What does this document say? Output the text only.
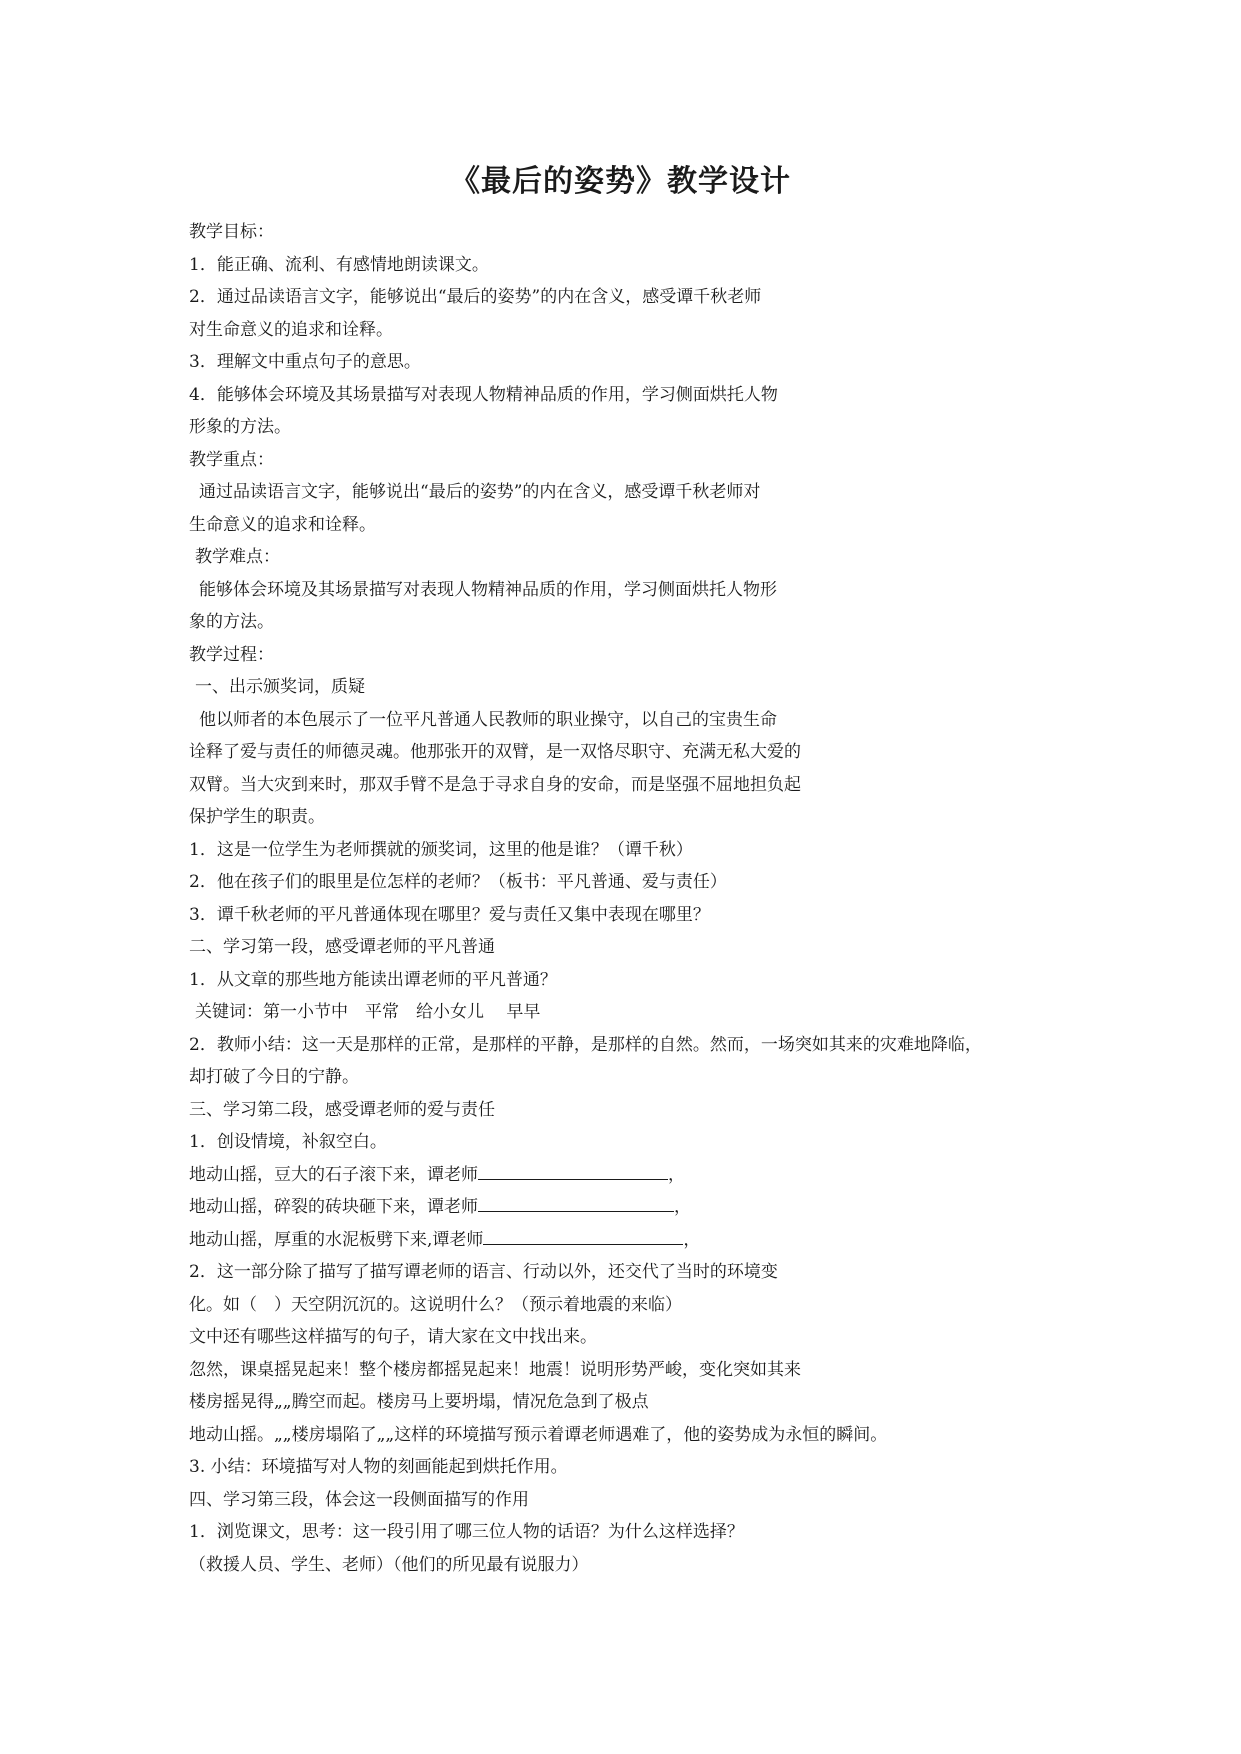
《最后的姿势》教学设计

教学目标：

1．能正确、流利、有感情地朗读课文。

2．通过品读语言文字，能够说出“最后的姿势”的内在含义，感受谭千秋老师

对生命意义的追求和诠释。

3．理解文中重点句子的意思。

4．能够体会环境及其场景描写对表现人物精神品质的作用，学习侧面烘托人物

形象的方法。

教学重点：

通过品读语言文字，能够说出“最后的姿势”的内在含义，感受谭千秋老师对

生命意义的追求和诠释。

教学难点：

能够体会环境及其场景描写对表现人物精神品质的作用，学习侧面烘托人物形

象的方法。

教学过程：

一、出示颁奖词，质疑

他以师者的本色展示了一位平凡普通人民教师的职业操守，以自己的宝贵生命

诠释了爱与责任的师德灵魂。他那张开的双臂，是一双恪尽职守、充满无私大爱的

双臂。当大灾到来时，那双手臂不是急于寻求自身的安命，而是坚强不屈地担负起

保护学生的职责。

1．这是一位学生为老师撰就的颁奖词，这里的他是谁？（谭千秋）

2．他在孩子们的眼里是位怎样的老师？（板书：平凡普通、爱与责任）

3．谭千秋老师的平凡普通体现在哪里？爱与责任又集中表现在哪里？

二、学习第一段，感受谭老师的平凡普通

1．从文章的那些地方能读出谭老师的平凡普通？

关键词：第一小节中　平常　给小女儿　 早早

2．教师小结：这一天是那样的正常，是那样的平静，是那样的自然。然而，一场突如其来的灾难地降临，

却打破了今日的宁静。

三、学习第二段，感受谭老师的爱与责任

1．创设情境，补叙空白。

地动山摇，豆大的石子滚下来，谭老师	，

地动山摇，碎裂的砖块砸下来，谭老师	，

地动山摇，厚重的水泥板劈下来,谭老师	，

2．这一部分除了描写了描写谭老师的语言、行动以外，还交代了当时的环境变

化。如（　）天空阴沉沉的。这说明什么？（预示着地震的来临）

文中还有哪些这样描写的句子，请大家在文中找出来。

忽然，课桌摇晃起来！整个楼房都摇晃起来！地震！说明形势严峻，变化突如其来

楼房摇晃得„„腾空而起。楼房马上要坍塌，情况危急到了极点

地动山摇。„„楼房塌陷了„„这样的环境描写预示着谭老师遇难了，他的姿势成为永恒的瞬间。

3. 小结：环境描写对人物的刻画能起到烘托作用。

四、学习第三段，体会这一段侧面描写的作用

1．浏览课文，思考：这一段引用了哪三位人物的话语？为什么这样选择？

（救援人员、学生、老师）（他们的所见最有说服力）
